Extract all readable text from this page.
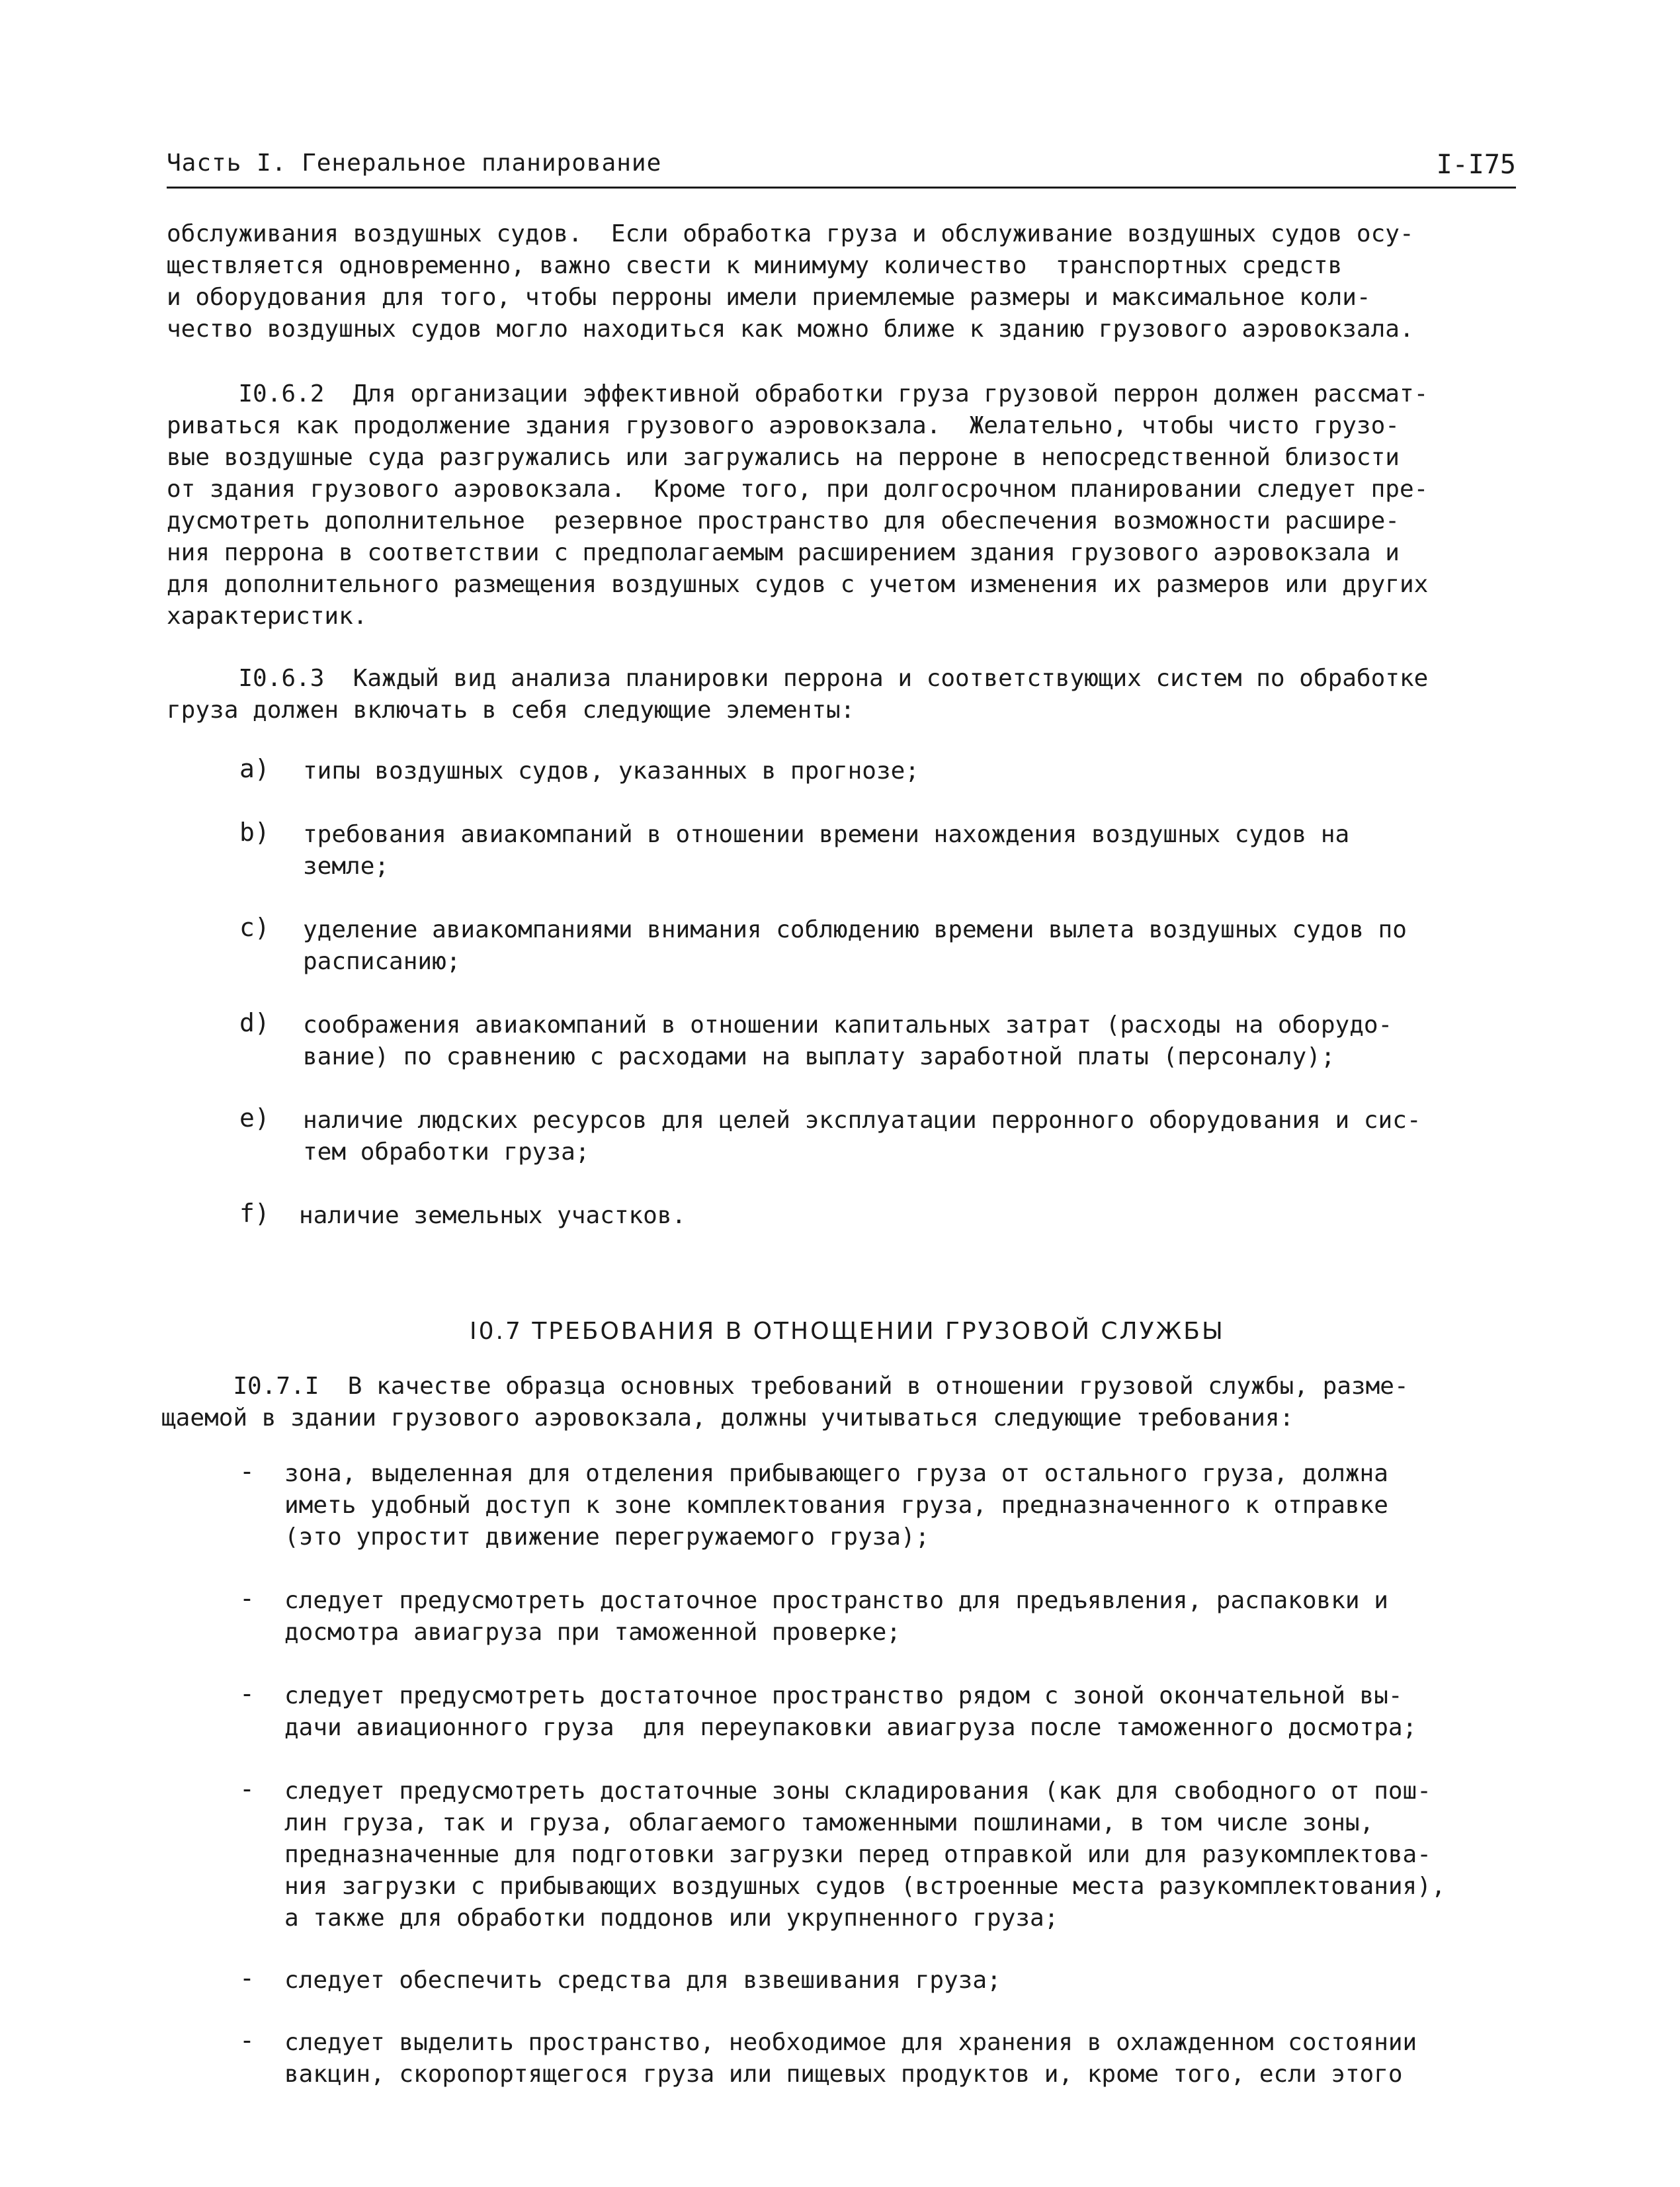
Часть I. Генеральное планирование	I-I75
обслуживания воздушных судов.  Если обработка груза и обслуживание воздушных судов осу-
ществляется одновременно, важно свести к минимуму количество  транспортных средств
и оборудования для того, чтобы перроны имели приемлемые размеры и максимальное коли-
чество воздушных судов могло находиться как можно ближе к зданию грузового аэровокзала.
I0.6.2  Для организации эффективной обработки груза грузовой перрон должен рассмат-
риваться как продолжение здания грузового аэровокзала.  Желательно, чтобы чисто грузо-
вые воздушные суда разгружались или загружались на перроне в непосредственной близости
от здания грузового аэровокзала.  Кроме того, при долгосрочном планировании следует пре-
дусмотреть дополнительное  резервное пространство для обеспечения возможности расшире-
ния перрона в соответствии с предполагаемым расширением здания грузового аэровокзала и
для дополнительного размещения воздушных судов с учетом изменения их размеров или других
характеристик.
I0.6.3  Каждый вид анализа планировки перрона и соответствующих систем по обработке
груза должен включать в себя следующие элементы:
a) типы воздушных судов, указанных в прогнозе;
b) требования авиакомпаний в отношении времени нахождения воздушных судов на
земле;
c) уделение авиакомпаниями внимания соблюдению времени вылета воздушных судов по
расписанию;
d) соображения авиакомпаний в отношении капитальных затрат (расходы на оборудо-
вание) по сравнению с расходами на выплату заработной платы (персоналу);
e) наличие людских ресурсов для целей эксплуатации перронного оборудования и сис-
тем обработки груза;
f) наличие земельных участков.
I0.7 ТРЕБОВАНИЯ В ОТНОЩЕНИИ ГРУЗОВОЙ СЛУЖБЫ
I0.7.I  В качестве образца основных требований в отношении грузовой службы, разме-
щаемой в здании грузового аэровокзала, должны учитываться следующие требования:
- зона, выделенная для отделения прибывающего груза от остального груза, должна
иметь удобный доступ к зоне комплектования груза, предназначенного к отправке
(это упростит движение перегружаемого груза);
- следует предусмотреть достаточное пространство для предъявления, распаковки и
досмотра авиагруза при таможенной проверке;
- следует предусмотреть достаточное пространство рядом с зоной окончательной вы-
дачи авиационного груза  для переупаковки авиагруза после таможенного досмотра;
- следует предусмотреть достаточные зоны складирования (как для свободного от пош-
лин груза, так и груза, облагаемого таможенными пошлинами, в том числе зоны,
предназначенные для подготовки загрузки перед отправкой или для разукомплектова-
ния загрузки с прибывающих воздушных судов (встроенные места разукомплектования),
а также для обработки поддонов или укрупненного груза;
- следует обеспечить средства для взвешивания груза;
- следует выделить пространство, необходимое для хранения в охлажденном состоянии
вакцин, скоропортящегося груза или пищевых продуктов и, кроме того, если этого
